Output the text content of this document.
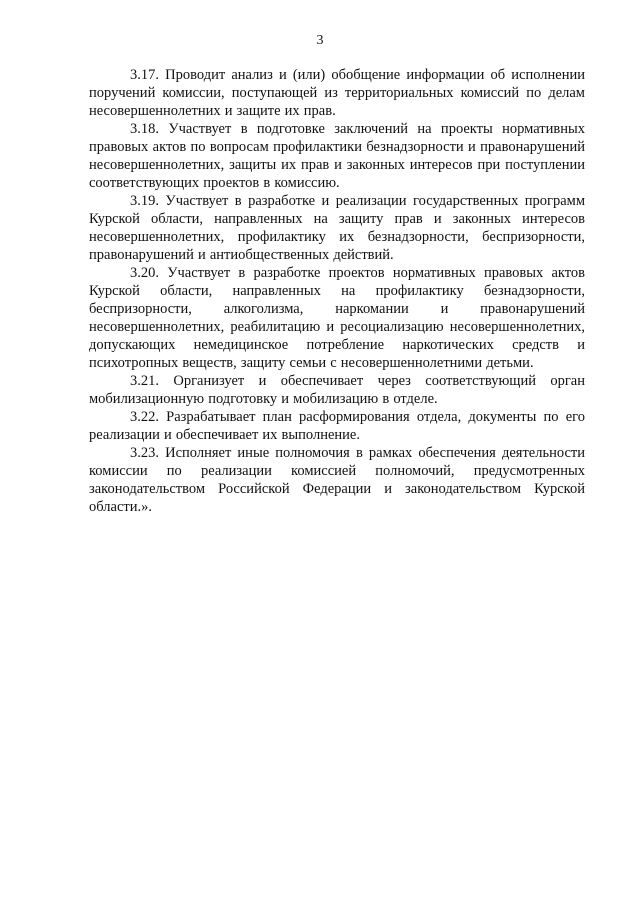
3

3.17. Проводит анализ и (или) обобщение информации об исполнении поручений комиссии, поступающей из территориальных комиссий по делам несовершеннолетних и защите их прав.

3.18. Участвует в подготовке заключений на проекты нормативных правовых актов по вопросам профилактики безнадзорности и правонарушений несовершеннолетних, защиты их прав и законных интересов при поступлении соответствующих проектов в комиссию.

3.19. Участвует в разработке и реализации государственных программ Курской области, направленных на защиту прав и законных интересов несовершеннолетних, профилактику их безнадзорности, беспризорности, правонарушений и антиобщественных действий.

3.20. Участвует в разработке проектов нормативных правовых актов Курской области, направленных на профилактику безнадзорности, беспризорности, алкоголизма, наркомании и правонарушений несовершеннолетних, реабилитацию и ресоциализацию несовершеннолетних, допускающих немедицинское потребление наркотических средств и психотропных веществ, защиту семьи с несовершеннолетними детьми.

3.21. Организует и обеспечивает через соответствующий орган мобилизационную подготовку и мобилизацию в отделе.

3.22. Разрабатывает план расформирования отдела, документы по его реализации и обеспечивает их выполнение.

3.23. Исполняет иные полномочия в рамках обеспечения деятельности комиссии по реализации комиссией полномочий, предусмотренных законодательством Российской Федерации и законодательством Курской области.».
